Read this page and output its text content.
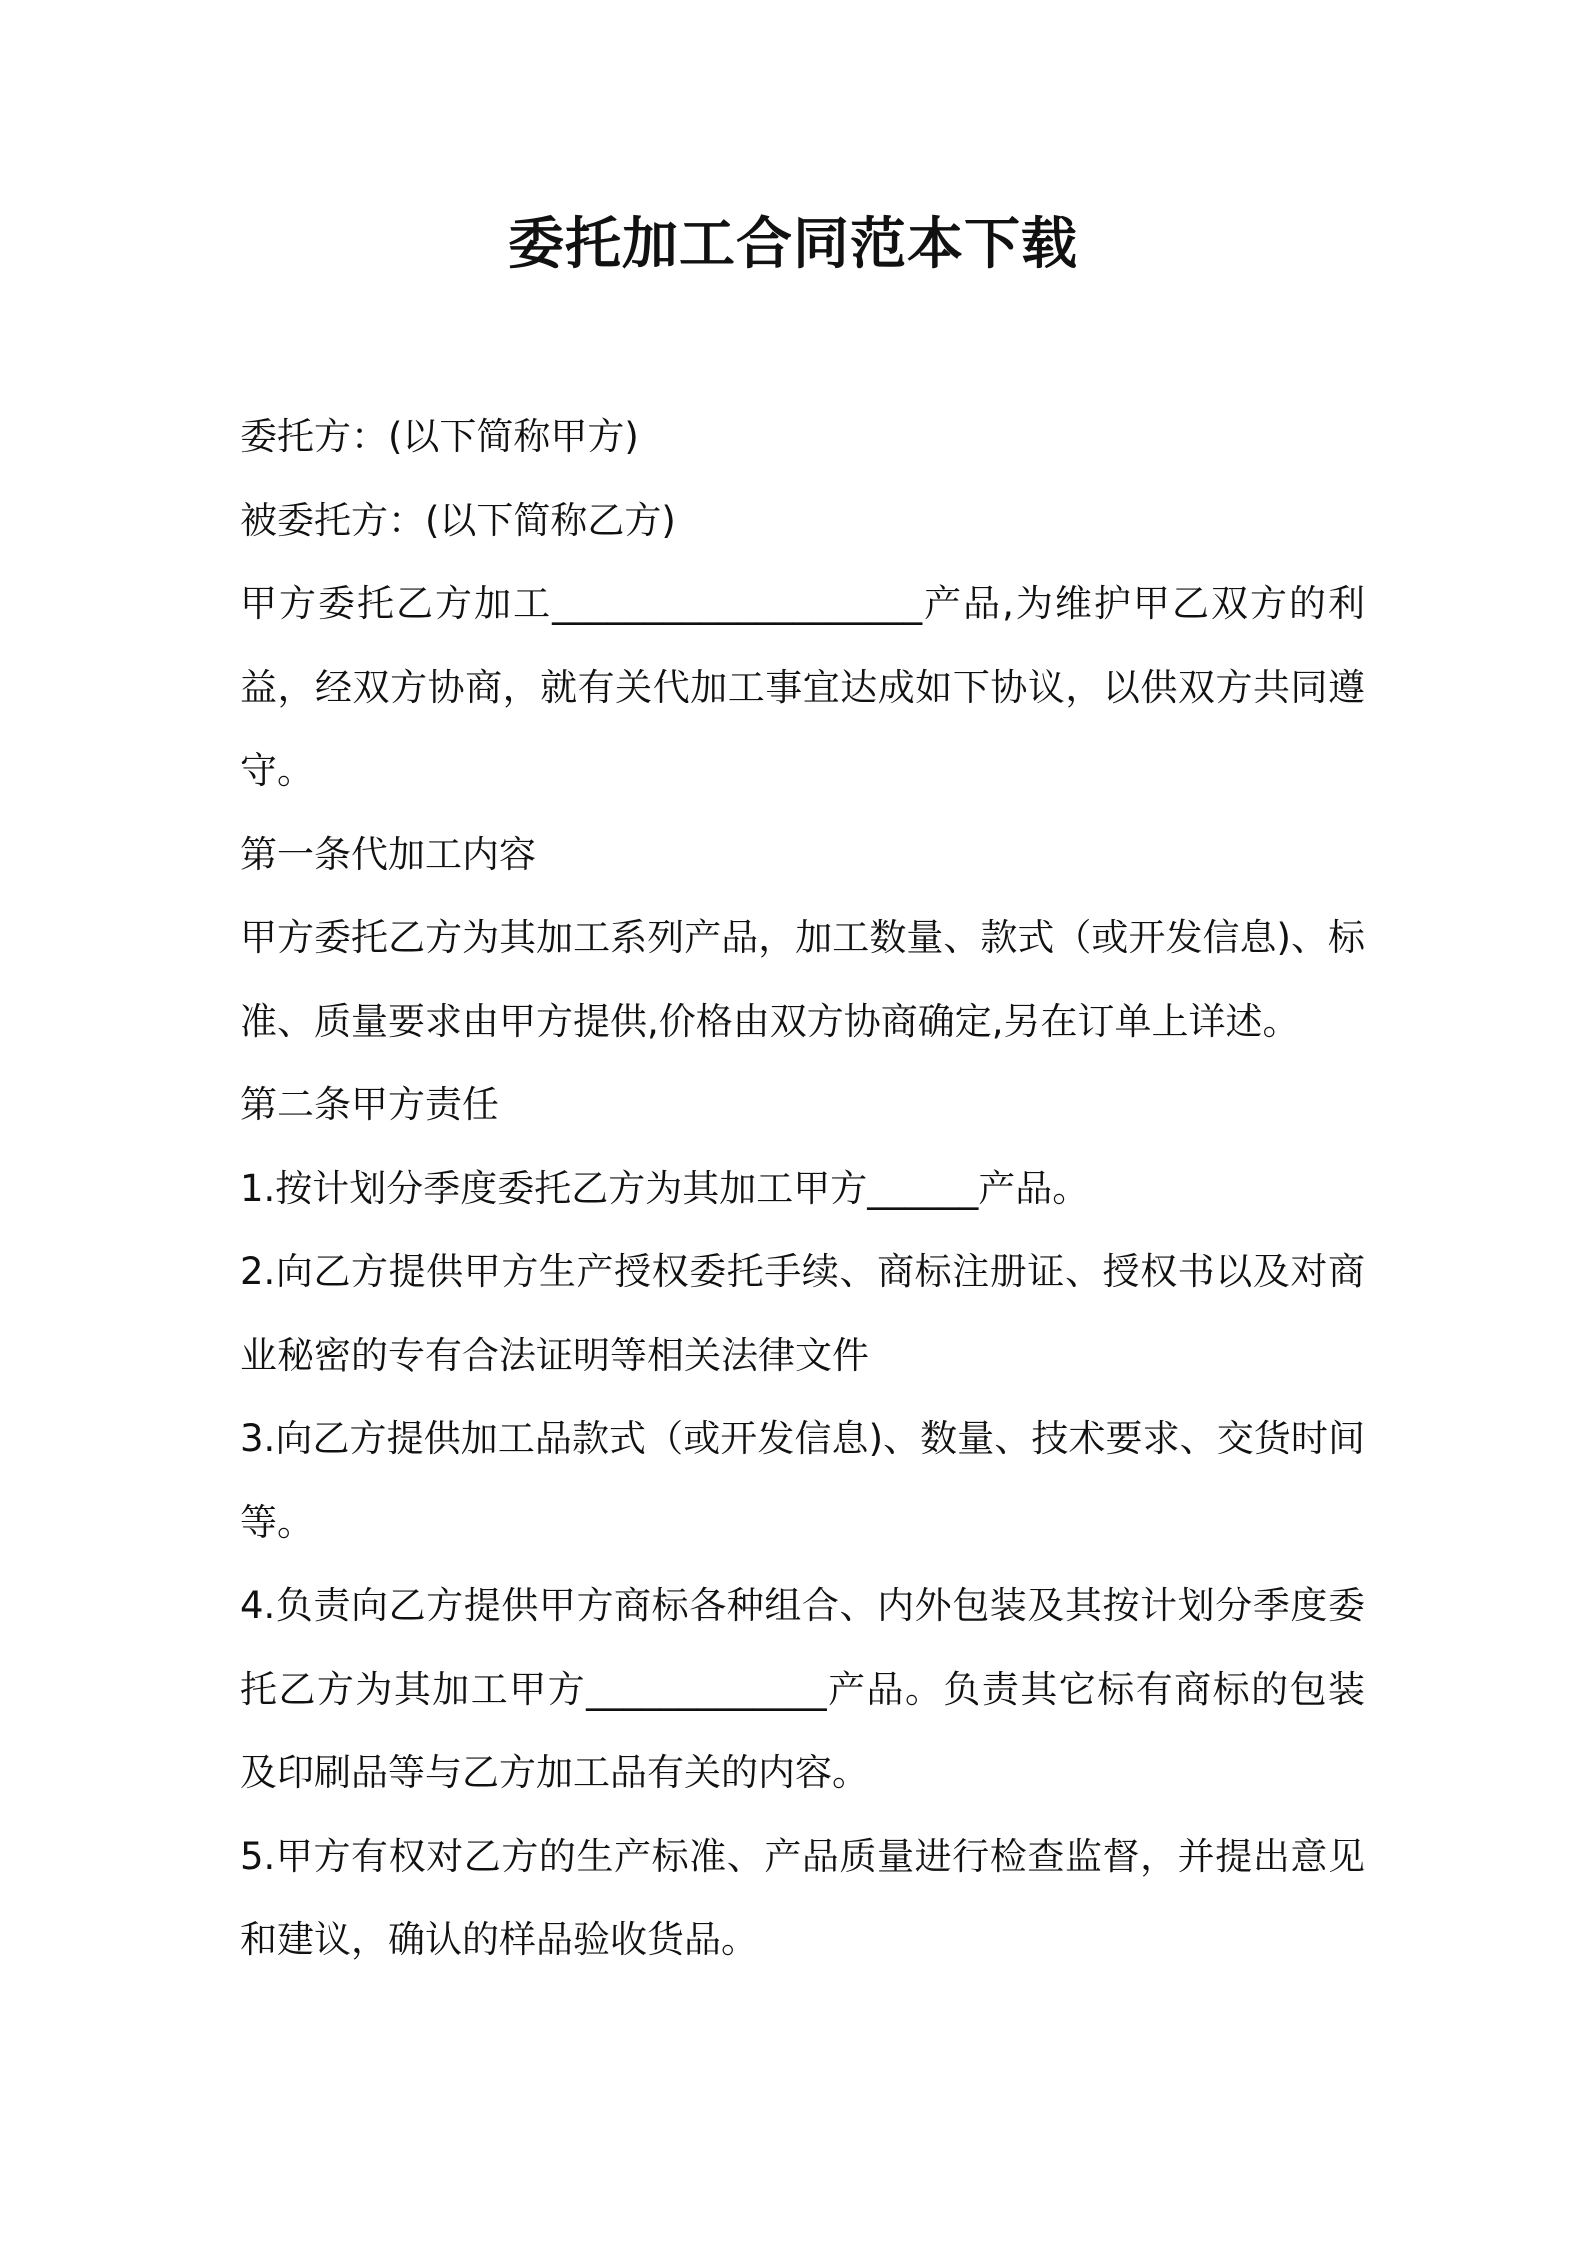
委托加工合同范本下载

委托方：(以下简称甲方)

被委托方：(以下简称乙方)

甲方委托乙方加工____________________产品,为维护甲乙双方的利益，经双方协商，就有关代加工事宜达成如下协议，以供双方共同遵守。

第一条代加工内容

甲方委托乙方为其加工系列产品，加工数量、款式（或开发信息)、标准、质量要求由甲方提供,价格由双方协商确定,另在订单上详述。

第二条甲方责任

1.按计划分季度委托乙方为其加工甲方______产品。

2.向乙方提供甲方生产授权委托手续、商标注册证、授权书以及对商业秘密的专有合法证明等相关法律文件

3.向乙方提供加工品款式（或开发信息)、数量、技术要求、交货时间等。

4.负责向乙方提供甲方商标各种组合、内外包装及其按计划分季度委托乙方为其加工甲方_____________产品。负责其它标有商标的包装及印刷品等与乙方加工品有关的内容。

5.甲方有权对乙方的生产标准、产品质量进行检查监督，并提出意见和建议，确认的样品验收货品。
